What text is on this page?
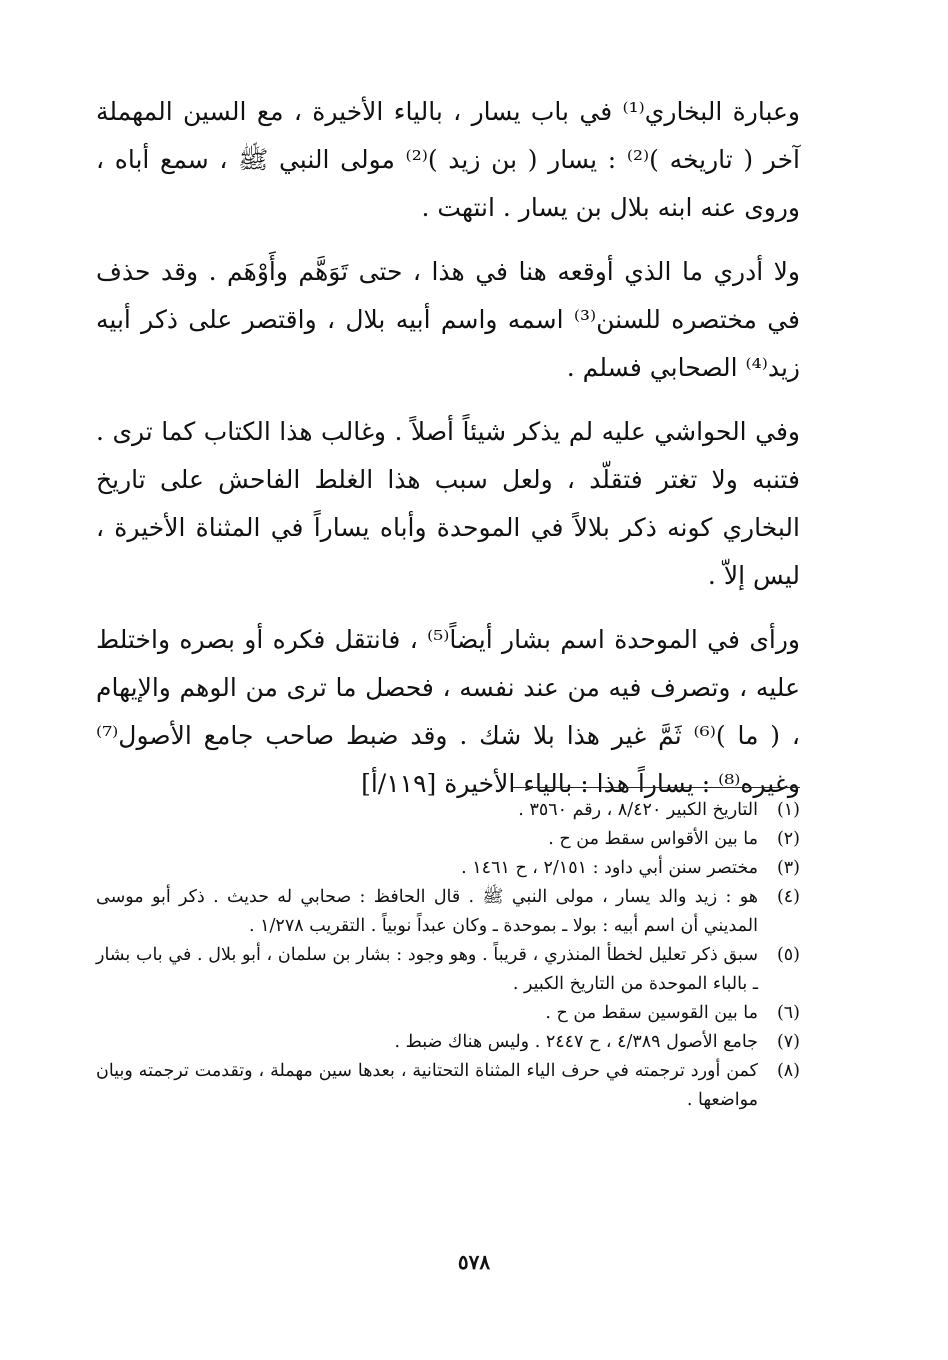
وعبارة البخاري⁽¹⁾ في باب يسار ، بالياء الأخيرة ، مع السين المهملة آخر ( تاريخه )⁽²⁾ : يسار ( بن زيد )⁽²⁾ مولى النبي ﷺ ، سمع أباه ، وروى عنه ابنه بلال بن يسار . انتهت .

ولا أدري ما الذي أوقعه هنا في هذا ، حتى تَوَهَّم وأَوْهَم . وقد حذف في مختصره للسنن⁽³⁾ اسمه واسم أبيه بلال ، واقتصر على ذكر أبيه زيد⁽⁴⁾ الصحابي فسلم .

وفي الحواشي عليه لم يذكر شيئاً أصلاً . وغالب هذا الكتاب كما ترى . فتنبه ولا تغتر فتقلّد ، ولعل سبب هذا الغلط الفاحش على تاريخ البخاري كونه ذكر بلالاً في الموحدة وأباه يساراً في المثناة الأخيرة ، ليس إلاّ .

ورأى في الموحدة اسم بشار أيضاً⁽⁵⁾ ، فانتقل فكره أو بصره واختلط عليه ، وتصرف فيه من عند نفسه ، فحصل ما ترى من الوهم والإيهام ، ( ما )⁽⁶⁾ ثَمَّ غير هذا بلا شك . وقد ضبط صاحب جامع الأصول⁽⁷⁾ وغيره⁽⁸⁾ : يساراً هذا : بالياء الأخيرة [١١٩/أ]

(١)
التاريخ الكبير ٨/٤٢٠ ، رقم ٣٥٦٠ .
(٢)
ما بين الأقواس سقط من ح .
(٣)
مختصر سنن أبي داود : ٢/١٥١ ، ح ١٤٦١ .
(٤)
هو : زيد والد يسار ، مولى النبي ﷺ . قال الحافظ : صحابي له حديث . ذكر أبو موسى المديني أن اسم أبيه : بولا ـ بموحدة ـ وكان عبداً نوبياً . التقريب ١/٢٧٨ .
(٥)
سبق ذكر تعليل لخطأ المنذري ، قريباً . وهو وجود : بشار بن سلمان ، أبو بلال . في باب بشار ـ بالباء الموحدة من التاريخ الكبير .
(٦)
ما بين القوسين سقط من ح .
(٧)
جامع الأصول ٤/٣٨٩ ، ح ٢٤٤٧ . وليس هناك ضبط .
(٨)
كمن أورد ترجمته في حرف الياء المثناة التحتانية ، بعدها سين مهملة ، وتقدمت ترجمته وبيان مواضعها .
٥٧٨
